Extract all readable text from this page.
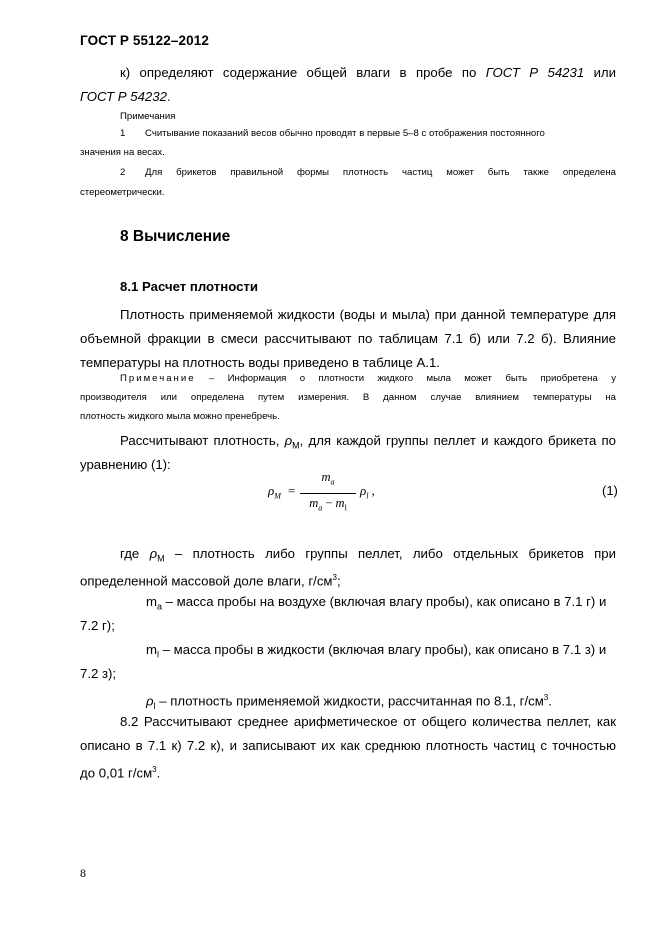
ГОСТ Р 55122–2012
к) определяют содержание общей влаги в пробе по ГОСТ Р 54231 или
ГОСТ Р 54232.
Примечания
1 Считывание показаний весов обычно проводят в первые 5–8 с отображения постоянного
значения на весах.
2 Для брикетов правильной формы плотность частиц может быть также определена
стереометрически.
8 Вычисление
8.1 Расчет плотности
Плотность применяемой жидкости (воды и мыла) при данной температуре для
объемной фракции в смеси рассчитывают по таблицам 7.1 б) или 7.2 б). Влияние
температуры на плотность воды приведено в таблице А.1.
Примечание – Информация о плотности жидкого мыла может быть приобретена у
производителя или определена путем измерения. В данном случае влиянием температуры на
плотность жидкого мыла можно пренебречь.
Рассчитывают плотность, $\rho_M$, для каждой группы пеллет и каждого брикета по
уравнению (1):
$\rho_M$ =
$m_a$
$m_a - m_l$
$\rho_l$ ,	(1)
где $\rho_M$ – плотность либо группы пеллет, либо отдельных брикетов при
определенной массовой доле влаги, $г/см^3$;
$m_a$ – масса пробы на воздухе (включая влагу пробы), как описано в 7.1 г) и
7.2 г);
$m_l$ – масса пробы в жидкости (включая влагу пробы), как описано в 7.1 з) и
7.2 з);
$\rho_l$ – плотность применяемой жидкости, рассчитанная по 8.1, $г/см^3$.
8.2 Рассчитывают среднее арифметическое от общего количества пеллет, как
описано в 7.1 к) 7.2 к), и записывают их как среднюю плотность частиц с точностью
до 0,01 $г/см^3$.
8
